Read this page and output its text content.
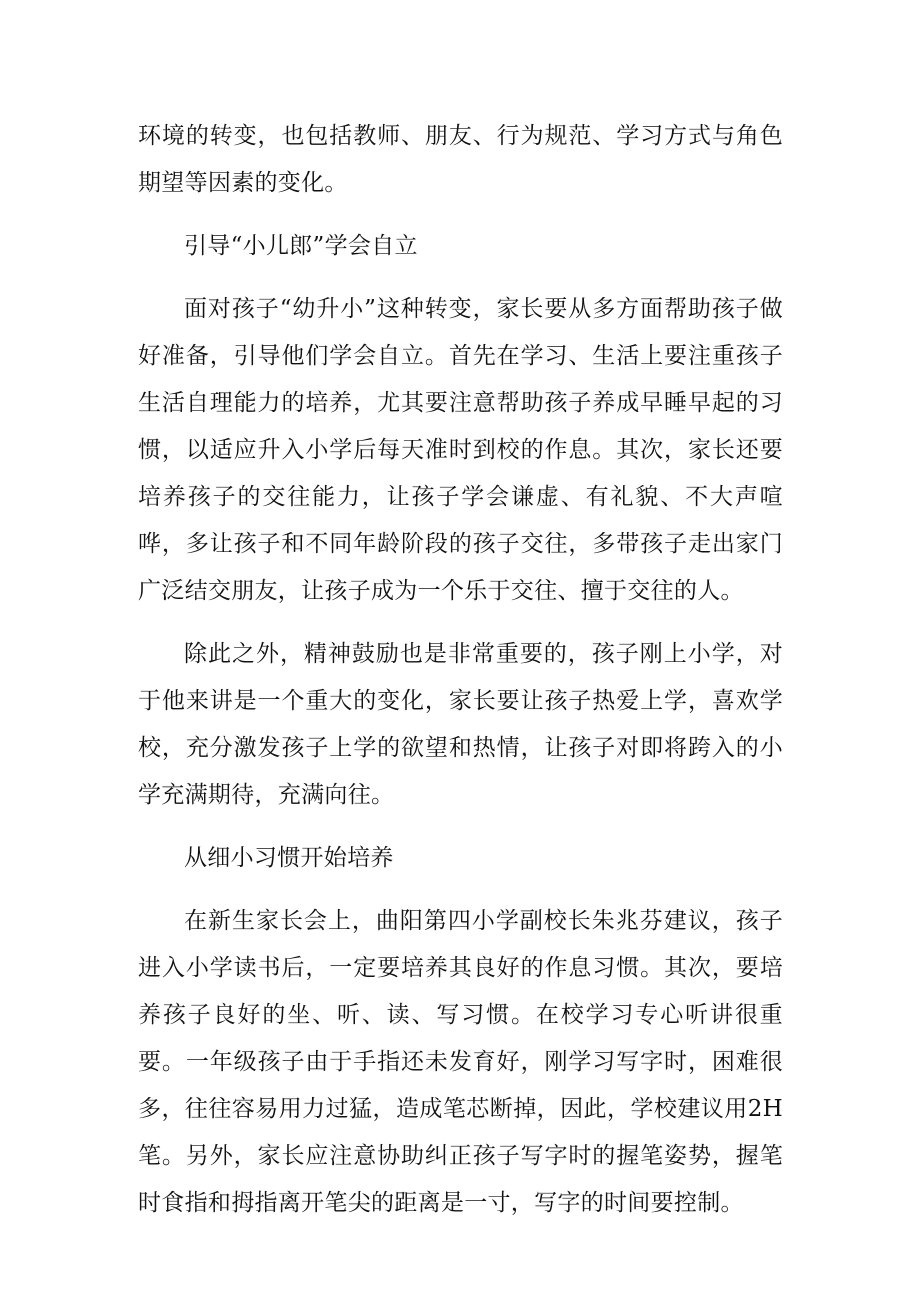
环境的转变，也包括教师、朋友、行为规范、学习方式与角色期望等因素的变化。

引导“小儿郎”学会自立

面对孩子“幼升小”这种转变，家长要从多方面帮助孩子做好准备，引导他们学会自立。首先在学习、生活上要注重孩子生活自理能力的培养，尤其要注意帮助孩子养成早睡早起的习惯，以适应升入小学后每天准时到校的作息。其次，家长还要培养孩子的交往能力，让孩子学会谦虚、有礼貌、不大声喧哗，多让孩子和不同年龄阶段的孩子交往，多带孩子走出家门广泛结交朋友，让孩子成为一个乐于交往、擅于交往的人。

除此之外，精神鼓励也是非常重要的，孩子刚上小学，对于他来讲是一个重大的变化，家长要让孩子热爱上学，喜欢学校，充分激发孩子上学的欲望和热情，让孩子对即将跨入的小学充满期待，充满向往。

从细小习惯开始培养

在新生家长会上，曲阳第四小学副校长朱兆芬建议，孩子进入小学读书后，一定要培养其良好的作息习惯。其次，要培养孩子良好的坐、听、读、写习惯。在校学习专心听讲很重要。一年级孩子由于手指还未发育好，刚学习写字时，困难很多，往往容易用力过猛，造成笔芯断掉，因此，学校建议用2H笔。另外，家长应注意协助纠正孩子写字时的握笔姿势，握笔时食指和拇指离开笔尖的距离是一寸，写字的时间要控制。
